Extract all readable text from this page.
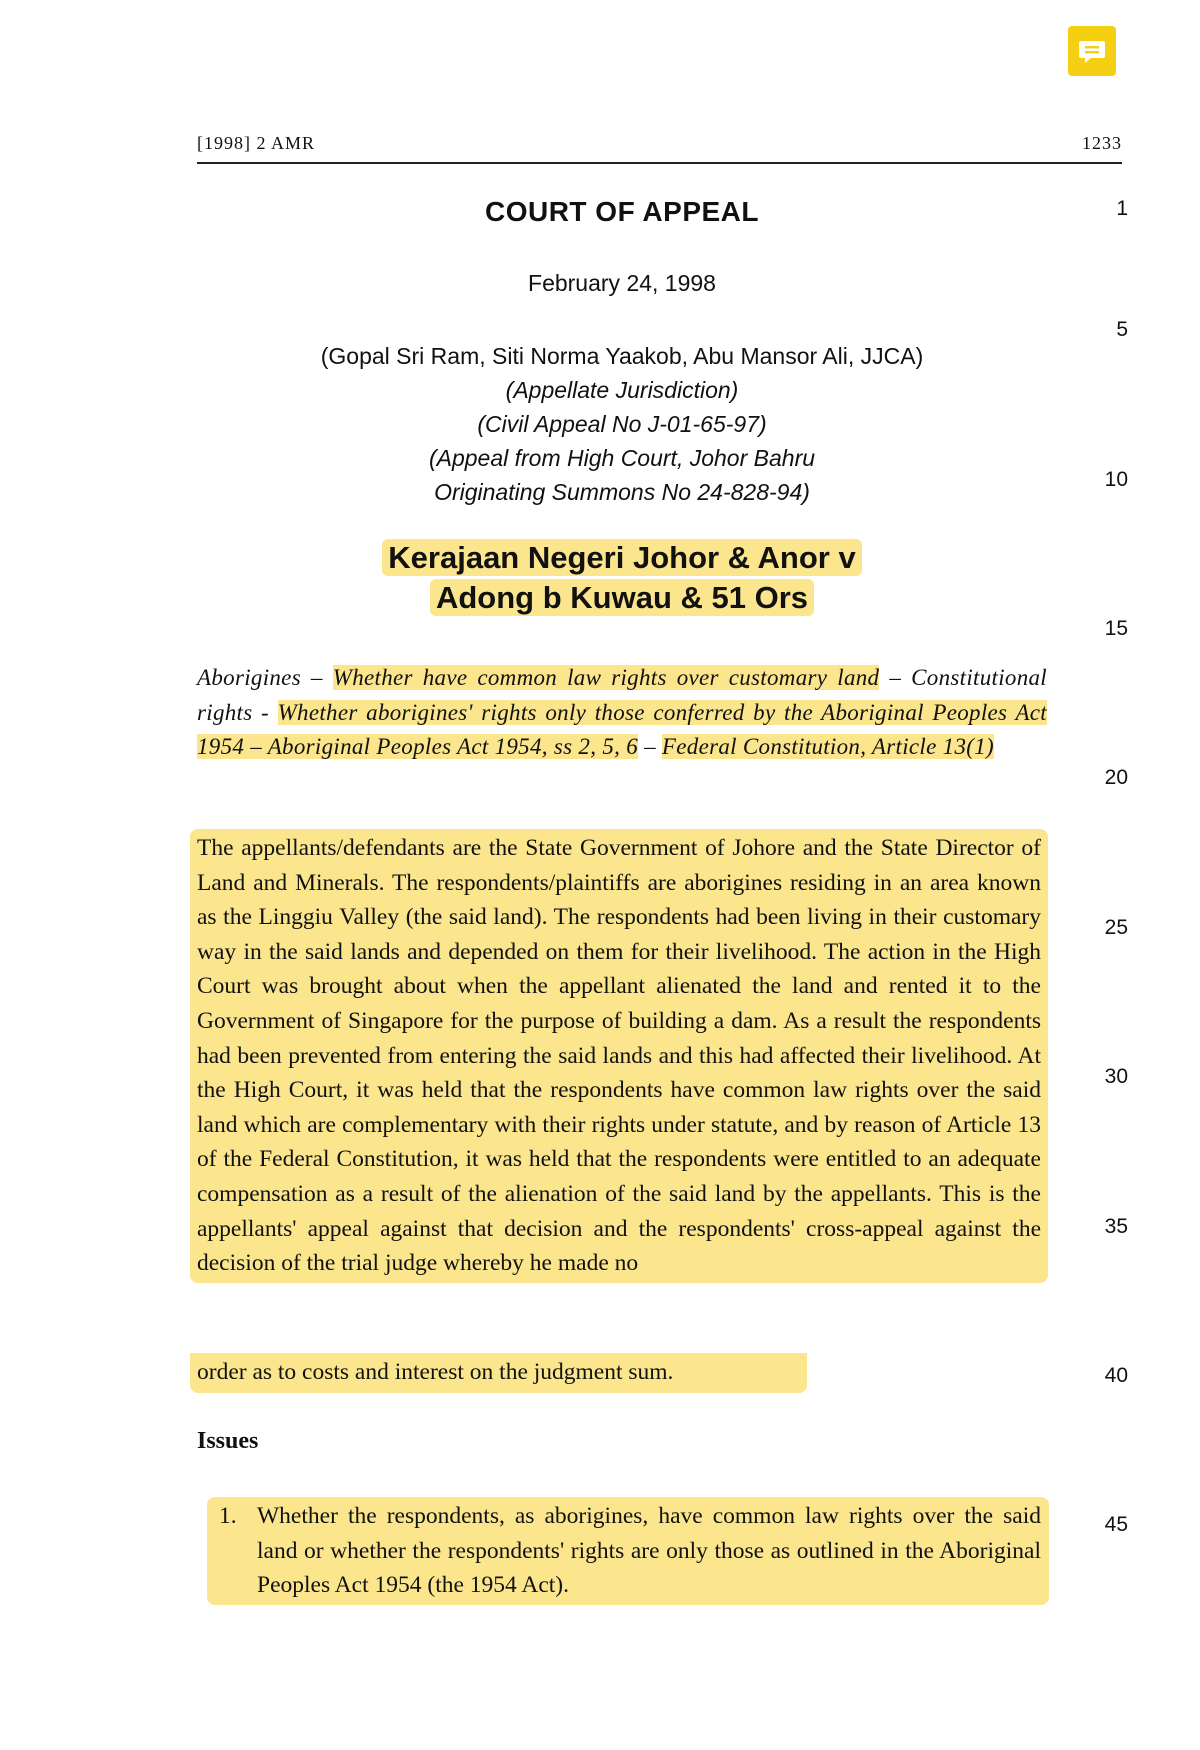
[1998] 2 AMR	1233
COURT OF APPEAL
February 24, 1998
(Gopal Sri Ram, Siti Norma Yaakob, Abu Mansor Ali, JJCA)
(Appellate Jurisdiction)
(Civil Appeal No J-01-65-97)
(Appeal from High Court, Johor Bahru
Originating Summons No 24-828-94)
Kerajaan Negeri Johor & Anor v
Adong b Kuwau & 51 Ors
Aborigines – Whether have common law rights over customary land – Constitutional rights - Whether aborigines' rights only those conferred by the Aboriginal Peoples Act 1954 – Aboriginal Peoples Act 1954, ss 2, 5, 6 – Federal Constitution, Article 13(1)
The appellants/defendants are the State Government of Johore and the State Director of Land and Minerals. The respondents/plaintiffs are aborigines residing in an area known as the Linggiu Valley (the said land). The respondents had been living in their customary way in the said lands and depended on them for their livelihood. The action in the High Court was brought about when the appellant alienated the land and rented it to the Government of Singapore for the purpose of building a dam. As a result the respondents had been prevented from entering the said lands and this had affected their livelihood. At the High Court, it was held that the respondents have common law rights over the said land which are complementary with their rights under statute, and by reason of Article 13 of the Federal Constitution, it was held that the respondents were entitled to an adequate compensation as a result of the alienation of the said land by the appellants. This is the appellants' appeal against that decision and the respondents' cross-appeal against the decision of the trial judge whereby he made no
order as to costs and interest on the judgment sum.
Issues
1. Whether the respondents, as aborigines, have common law rights over the said land or whether the respondents' rights are only those as outlined in the Aboriginal Peoples Act 1954 (the 1954 Act).
1
5
10
15
20
25
30
35
40
45
